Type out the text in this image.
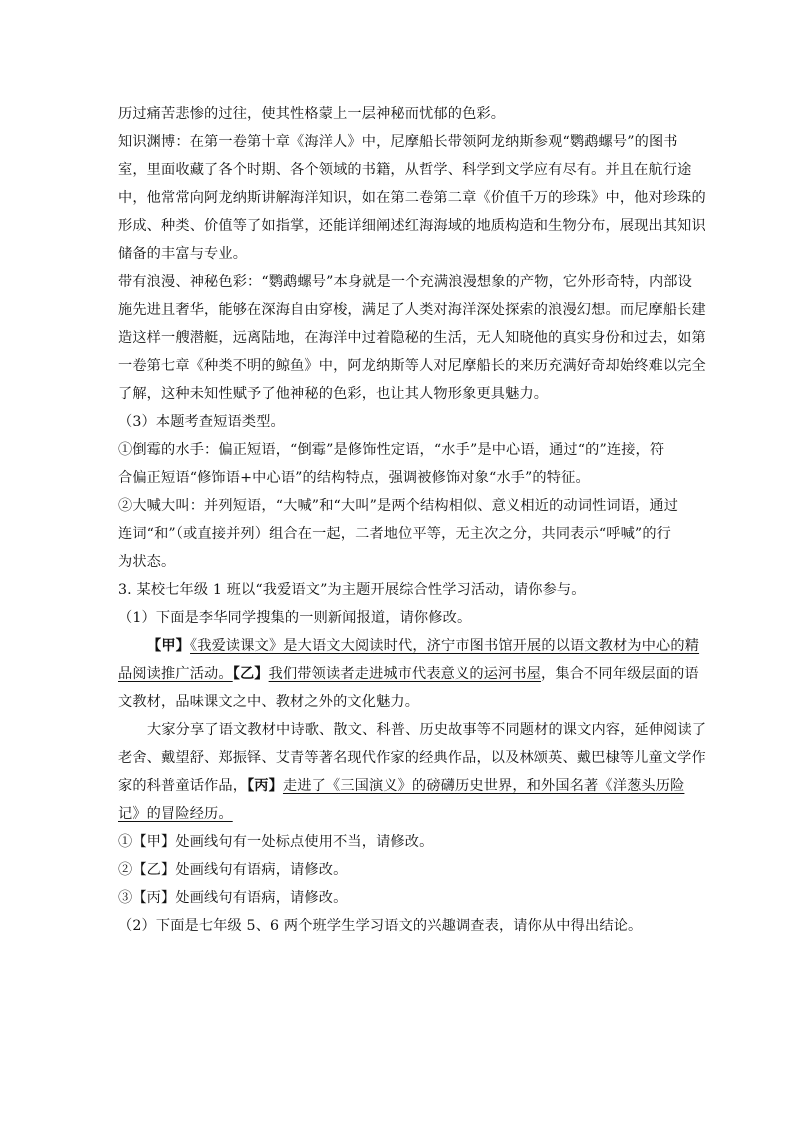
历过痛苦悲惨的过往，使其性格蒙上一层神秘而忧郁的色彩。
知识渊博：在第一卷第十章《海洋人》中，尼摩船长带领阿龙纳斯参观“鹦鹉螺号”的图书
室，里面收藏了各个时期、各个领域的书籍，从哲学、科学到文学应有尽有。并且在航行途
中，他常常向阿龙纳斯讲解海洋知识，如在第二卷第二章《价值千万的珍珠》中，他对珍珠的
形成、种类、价值等了如指掌，还能详细阐述红海海域的地质构造和生物分布，展现出其知识
储备的丰富与专业。
带有浪漫、神秘色彩：“鹦鹉螺号”本身就是一个充满浪漫想象的产物，它外形奇特，内部设
施先进且奢华，能够在深海自由穿梭，满足了人类对海洋深处探索的浪漫幻想。而尼摩船长建
造这样一艘潜艇，远离陆地，在海洋中过着隐秘的生活，无人知晓他的真实身份和过去，如第
一卷第七章《种类不明的鲸鱼》中，阿龙纳斯等人对尼摩船长的来历充满好奇却始终难以完全
了解，这种未知性赋予了他神秘的色彩，也让其人物形象更具魅力。
（3）本题考查短语类型。
①倒霉的水手：偏正短语，“倒霉”是修饰性定语，“水手”是中心语，通过“的”连接，符
合偏正短语“修饰语+中心语”的结构特点，强调被修饰对象“水手”的特征。
②大喊大叫：并列短语，“大喊”和“大叫”是两个结构相似、意义相近的动词性词语，通过
连词“和”（或直接并列）组合在一起，二者地位平等，无主次之分，共同表示“呼喊”的行
为状态。
3. 某校七年级 1 班以“我爱语文”为主题开展综合性学习活动，请你参与。
（1）下面是李华同学搜集的一则新闻报道，请你修改。
【甲】《我爱读课文》是大语文大阅读时代，济宁市图书馆开展的以语文教材为中心的精
品阅读推广活动。【乙】我们带领读者走进城市代表意义的运河书屋，集合不同年级层面的语
文教材，品味课文之中、教材之外的文化魅力。
大家分享了语文教材中诗歌、散文、科普、历史故事等不同题材的课文内容，延伸阅读了
老舍、戴望舒、郑振铎、艾青等著名现代作家的经典作品，以及林颂英、戴巴棣等儿童文学作
家的科普童话作品，【丙】走进了《三国演义》的磅礴历史世界，和外国名著《洋葱头历险
记》的冒险经历。
①【甲】处画线句有一处标点使用不当，请修改。
②【乙】处画线句有语病，请修改。
③【丙】处画线句有语病，请修改。
（2）下面是七年级 5、6 两个班学生学习语文的兴趣调查表，请你从中得出结论。
